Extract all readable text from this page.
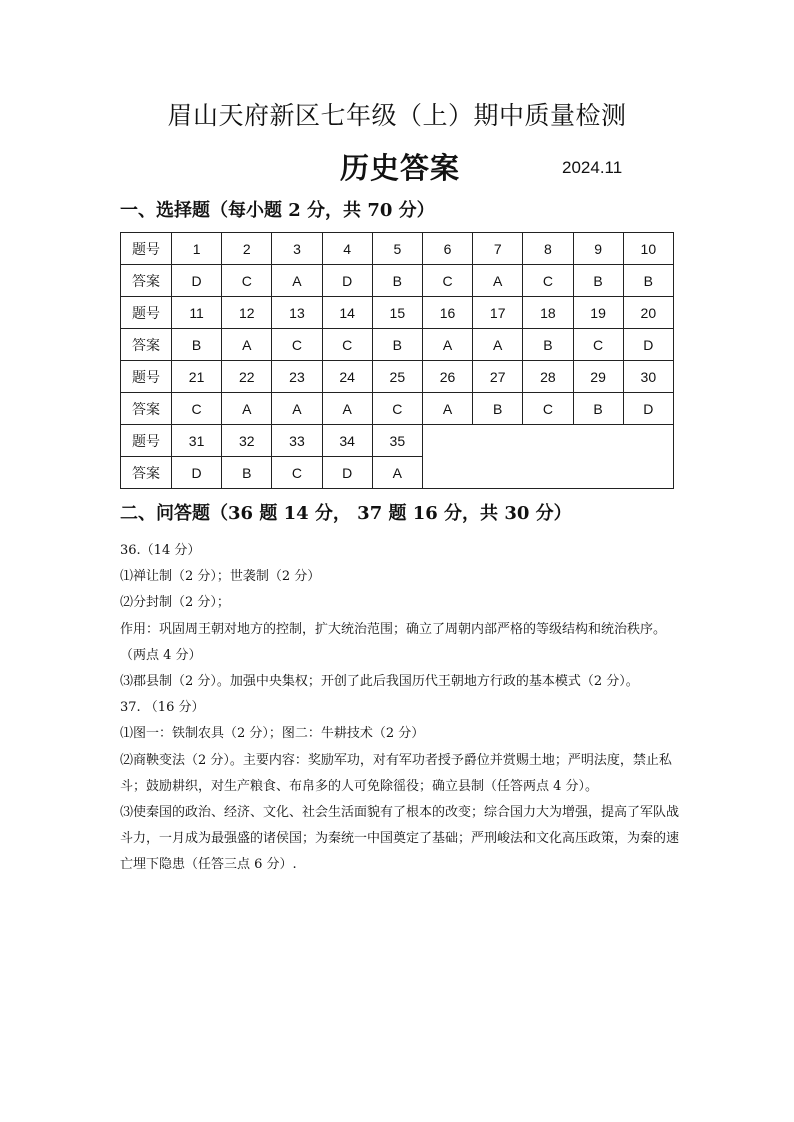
眉山天府新区七年级（上）期中质量检测
历史答案	2024.11
一、选择题（每小题 2 分，共 70 分）
题号	1	2	3	4	5	6	7	8	9	10
答案	D	C	A	D	B	C	A	C	B	B
题号	11	12	13	14	15	16	17	18	19	20
答案	B	A	C	C	B	A	A	B	C	D
题号	21	22	23	24	25	26	27	28	29	30
答案	C	A	A	A	C	A	B	C	B	D
题号	31	32	33	34	35					
答案	D	B	C	D	A					
二、问答题（36 题 14 分， 37 题 16 分，共 30 分）

36.（14 分）

⑴禅让制（2 分）；世袭制（2 分）

⑵分封制（2 分）；

作用：巩固周王朝对地方的控制，扩大统治范围；确立了周朝内部严格的等级结构和统治秩序。（两点 4 分）

⑶郡县制（2 分）。加强中央集权；开创了此后我国历代王朝地方行政的基本模式（2 分）。

37. （16 分）

⑴图一：铁制农具（2 分）；图二：牛耕技术（2 分）

⑵商鞅变法（2 分）。主要内容：奖励军功，对有军功者授予爵位并赏赐土地；严明法度，禁止私斗；鼓励耕织，对生产粮食、布帛多的人可免除徭役；确立县制（任答两点 4 分）。

⑶使秦国的政治、经济、文化、社会生活面貌有了根本的改变；综合国力大为增强，提高了军队战斗力，一月成为最强盛的诸侯国；为秦统一中国奠定了基础；严刑峻法和文化高压政策，为秦的速亡埋下隐患（任答三点 6 分）.
